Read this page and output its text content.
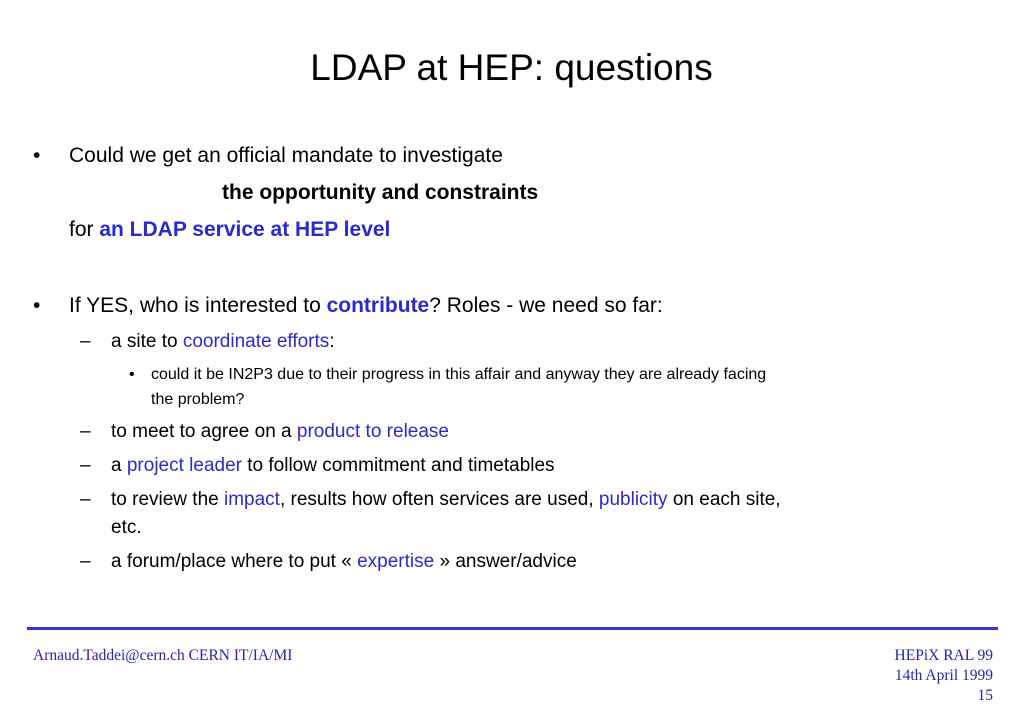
LDAP at HEP: questions
• Could we get an official mandate to investigate
the opportunity and constraints
for an LDAP service at HEP level
• If YES, who is interested to contribute? Roles - we need so far:
– a site to coordinate efforts:
• could it be IN2P3 due to their progress in this affair and anyway they are already facing
the problem?
– to meet to agree on a product to release
– a project leader to follow commitment and timetables
– to review the impact, results how often services are used, publicity on each site,
etc.
– a forum/place where to put « expertise » answer/advice
Arnaud.Taddei@cern.ch CERN IT/IA/MI	HEPiX RAL 99
14th April 1999
15
